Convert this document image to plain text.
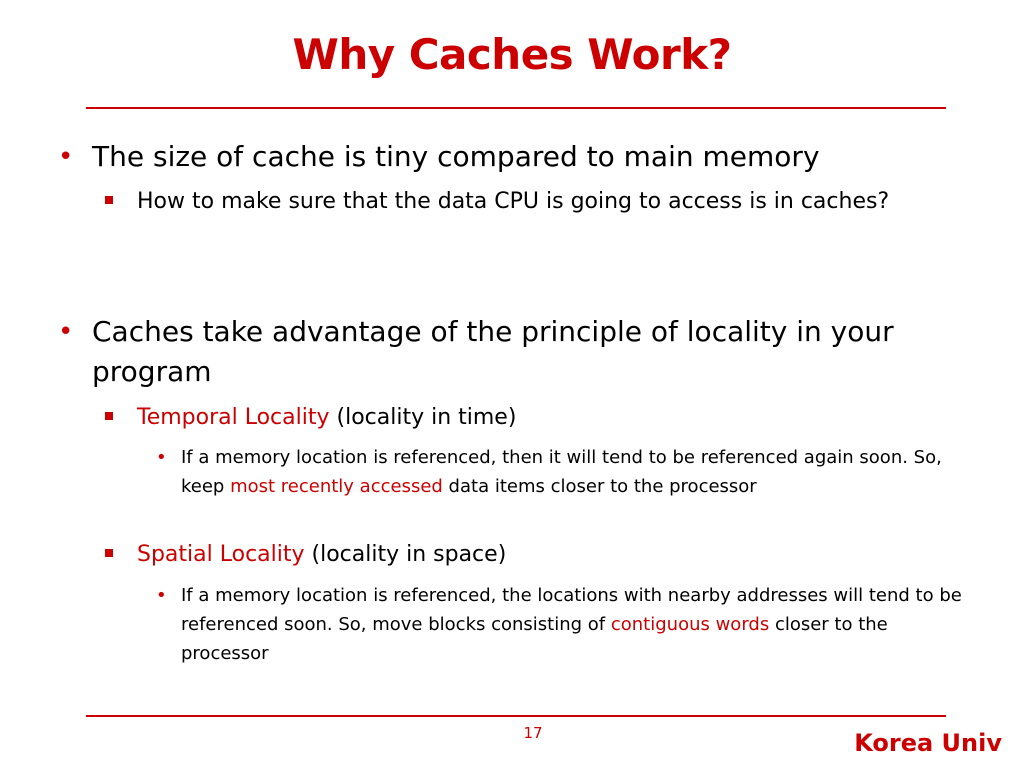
Why Caches Work?
• The size of cache is tiny compared to main memory
How to make sure that the data CPU is going to access is in caches?
• Caches take advantage of the principle of locality in your program
Temporal Locality (locality in time)
• If a memory location is referenced, then it will tend to be referenced again soon. So, keep most recently accessed data items closer to the processor
Spatial Locality (locality in space)
• If a memory location is referenced, the locations with nearby addresses will tend to be referenced soon. So, move blocks consisting of contiguous words closer to the processor
17	Korea Univ
